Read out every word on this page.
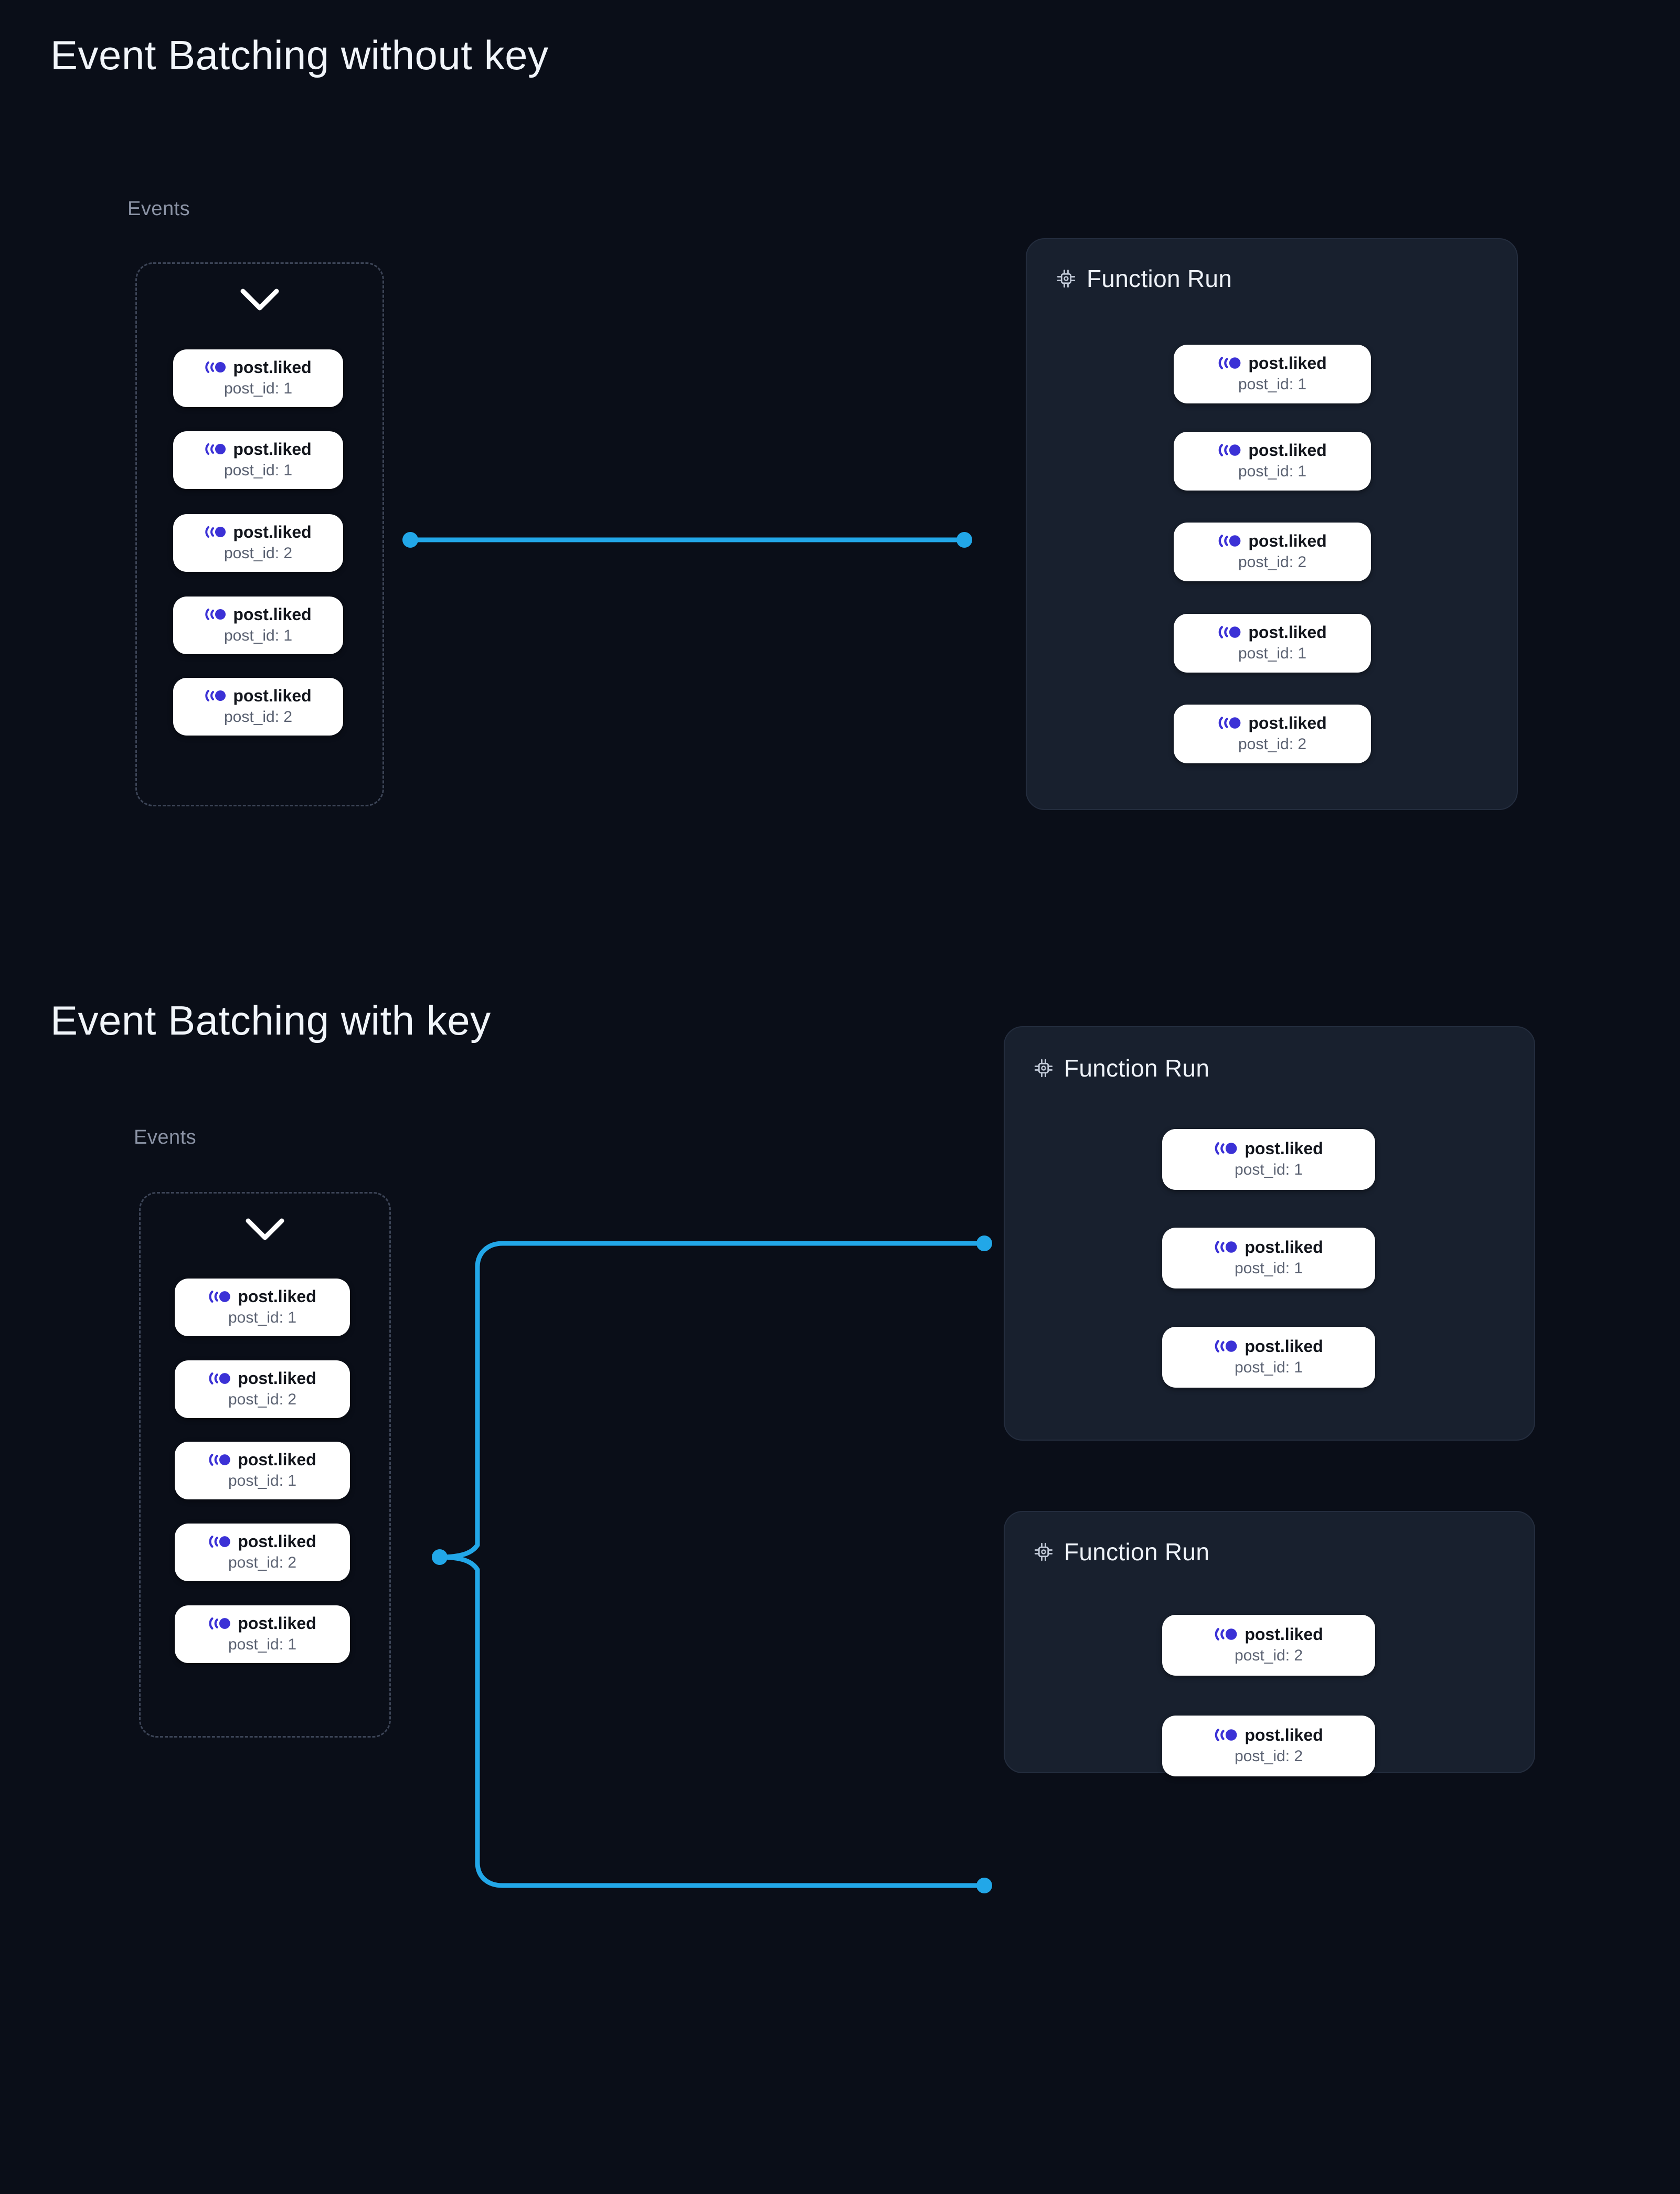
Event Batching without key
Events
post.liked
post_id: 1
post.liked
post_id: 1
post.liked
post_id: 2
post.liked
post_id: 1
post.liked
post_id: 2
Function Run
post.liked
post_id: 1
post.liked
post_id: 1
post.liked
post_id: 2
post.liked
post_id: 1
post.liked
post_id: 2
Event Batching with key
Events
post.liked
post_id: 1
post.liked
post_id: 2
post.liked
post_id: 1
post.liked
post_id: 2
post.liked
post_id: 1
Function Run
post.liked
post_id: 1
post.liked
post_id: 1
post.liked
post_id: 1
Function Run
post.liked
post_id: 2
post.liked
post_id: 2
